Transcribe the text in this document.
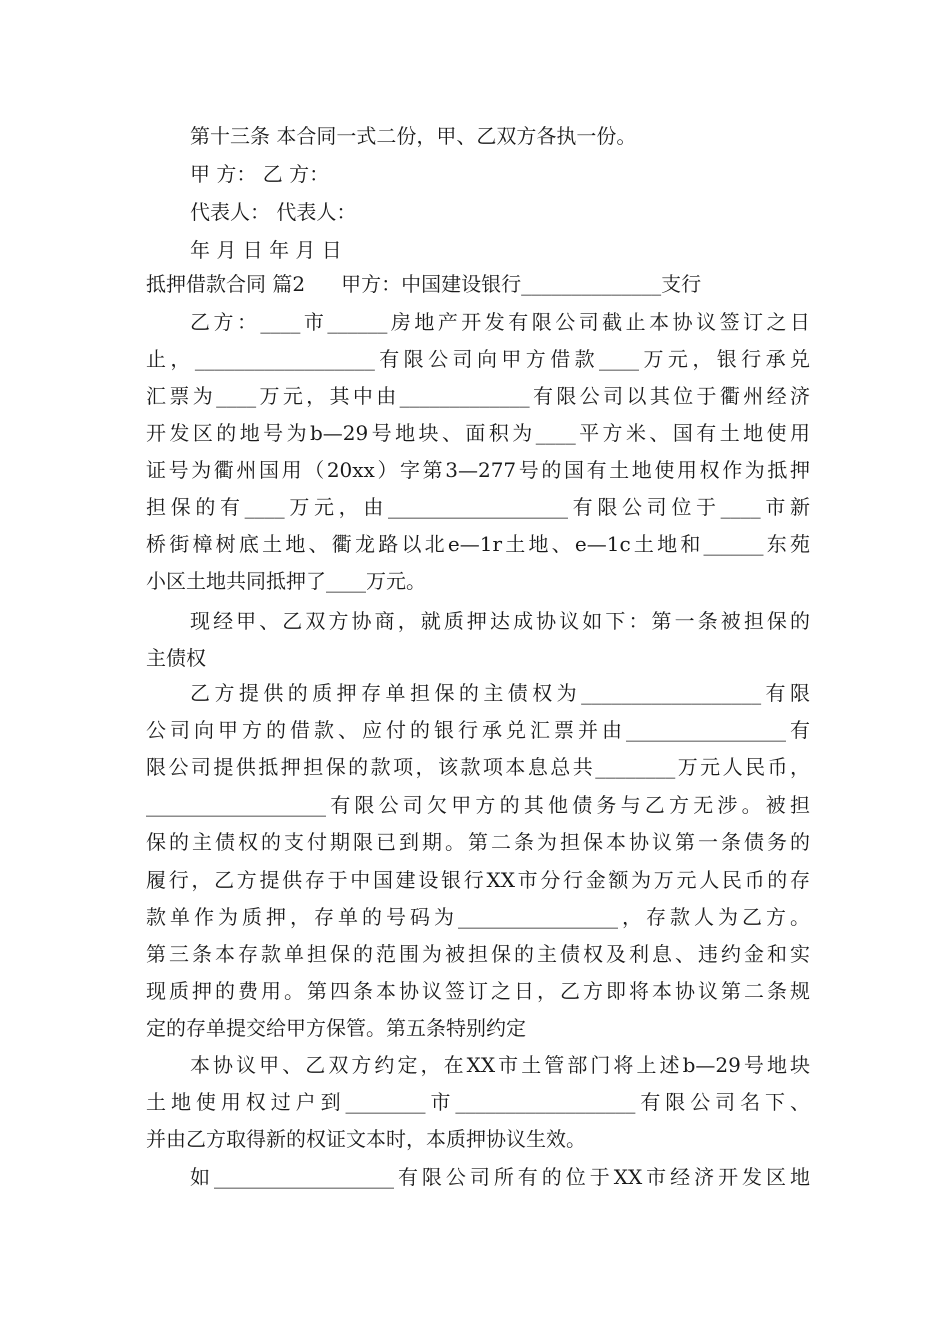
第十三条 本合同一式二份，甲、乙双方各执一份。
甲 方： 乙 方：
代表人： 代表人：
年 月 日 年 月 日
抵押借款合同 篇2 甲方：中国建设银行______________支行
乙方：____市______房地产开发有限公司截止本协议签订之日
止，__________________有限公司向甲方借款____万元，银行承兑
汇票为____万元，其中由_____________有限公司以其位于衢州经济
开发区的地号为b—29号地块、面积为____平方米、国有土地使用
证号为衢州国用（20xx）字第3—277号的国有土地使用权作为抵押
担保的有____万元，由__________________有限公司位于____市新
桥街樟树底土地、衢龙路以北e—1r土地、e—1c土地和______东苑
小区土地共同抵押了____万元。
现经甲、乙双方协商，就质押达成协议如下：第一条被担保的
主债权
乙方提供的质押存单担保的主债权为__________________有限
公司向甲方的借款、应付的银行承兑汇票并由________________有
限公司提供抵押担保的款项，该款项本息总共________万元人民币，
__________________有限公司欠甲方的其他债务与乙方无涉。被担
保的主债权的支付期限已到期。第二条为担保本协议第一条债务的
履行，乙方提供存于中国建设银行XX市分行金额为万元人民币的存
款单作为质押，存单的号码为________________，存款人为乙方。
第三条本存款单担保的范围为被担保的主债权及利息、违约金和实
现质押的费用。第四条本协议签订之日，乙方即将本协议第二条规
定的存单提交给甲方保管。第五条特别约定
本协议甲、乙双方约定，在XX市土管部门将上述b—29号地块
土地使用权过户到________市__________________有限公司名下、
并由乙方取得新的权证文本时，本质押协议生效。
如__________________有限公司所有的位于XX市经济开发区地
